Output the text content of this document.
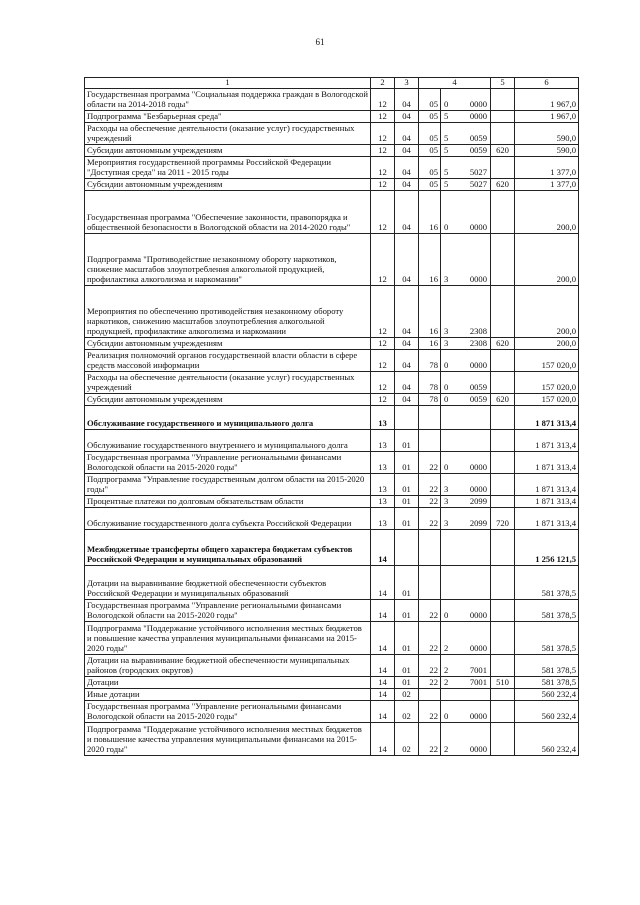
61
1	2	3	4		5	6
Государственная программа "Социальная поддержка граждан в Вологодской области на 2014-2018 годы"	12	04	05	0 0000		1 967,0
Подпрограмма "Безбарьерная среда"	12	04	05	5 0000		1 967,0
Расходы на обеспечение деятельности (оказание услуг) государственных учреждений	12	04	05	5 0059		590,0
Субсидии автономным учреждениям	12	04	05	5 0059	620	590,0
Мероприятия государственной программы Российской Федерации "Доступная среда" на 2011 - 2015 годы	12	04	05	5 5027		1 377,0
Субсидии автономным учреждениям	12	04	05	5 5027	620	1 377,0
Государственная программа "Обеспечение законности, правопорядка и общественной безопасности в Вологодской области на 2014-2020 годы"	12	04	16	0 0000		200,0
Подпрограмма "Противодействие незаконному обороту наркотиков, снижение масштабов злоупотребления алкогольной продукцией, профилактика алкоголизма и наркомании"	12	04	16	3 0000		200,0
Мероприятия по обеспечению противодействия незаконному обороту наркотиков, снижению масштабов злоупотребления алкогольной продукцией, профилактике алкоголизма и наркомании	12	04	16	3 2308		200,0
Субсидии автономным учреждениям	12	04	16	3 2308	620	200,0
Реализация полномочий органов государственной власти области в сфере средств массовой информации	12	04	78	0 0000		157 020,0
Расходы на обеспечение деятельности (оказание услуг) государственных учреждений	12	04	78	0 0059		157 020,0
Субсидии автономным учреждениям	12	04	78	0 0059	620	157 020,0
Обслуживание государственного и муниципального долга	13					1 871 313,4
Обслуживание государственного внутреннего и муниципального долга	13	01				1 871 313,4
Государственная программа "Управление региональными финансами Вологодской области на 2015-2020 годы"	13	01	22	0 0000		1 871 313,4
Подпрограмма "Управление государственным долгом области на 2015-2020 годы"	13	01	22	3 0000		1 871 313,4
Процентные платежи по долговым обязательствам области	13	01	22	3 2099		1 871 313,4
Обслуживание государственного долга субъекта Российской Федерации	13	01	22	3 2099	720	1 871 313,4
Межбюджетные трансферты общего характера бюджетам субъектов Российской Федерации и муниципальных образований	14					1 256 121,5
Дотации на выравнивание бюджетной обеспеченности субъектов Российской Федерации и муниципальных образований	14	01				581 378,5
Государственная программа "Управление региональными финансами Вологодской области на 2015-2020 годы"	14	01	22	0 0000		581 378,5
Подпрограмма "Поддержание устойчивого исполнения местных бюджетов и повышение качества управления муниципальными финансами на 2015-2020 годы"	14	01	22	2 0000		581 378,5
Дотации на выравнивание бюджетной обеспеченности муниципальных районов (городских округов)	14	01	22	2 7001		581 378,5
Дотации	14	01	22	2 7001	510	581 378,5
Иные дотации	14	02				560 232,4
Государственная программа "Управление региональными финансами Вологодской области на 2015-2020 годы"	14	02	22	0 0000		560 232,4
Подпрограмма "Поддержание устойчивого исполнения местных бюджетов и повышение качества управления муниципальными финансами на 2015-2020 годы"	14	02	22	2 0000		560 232,4
